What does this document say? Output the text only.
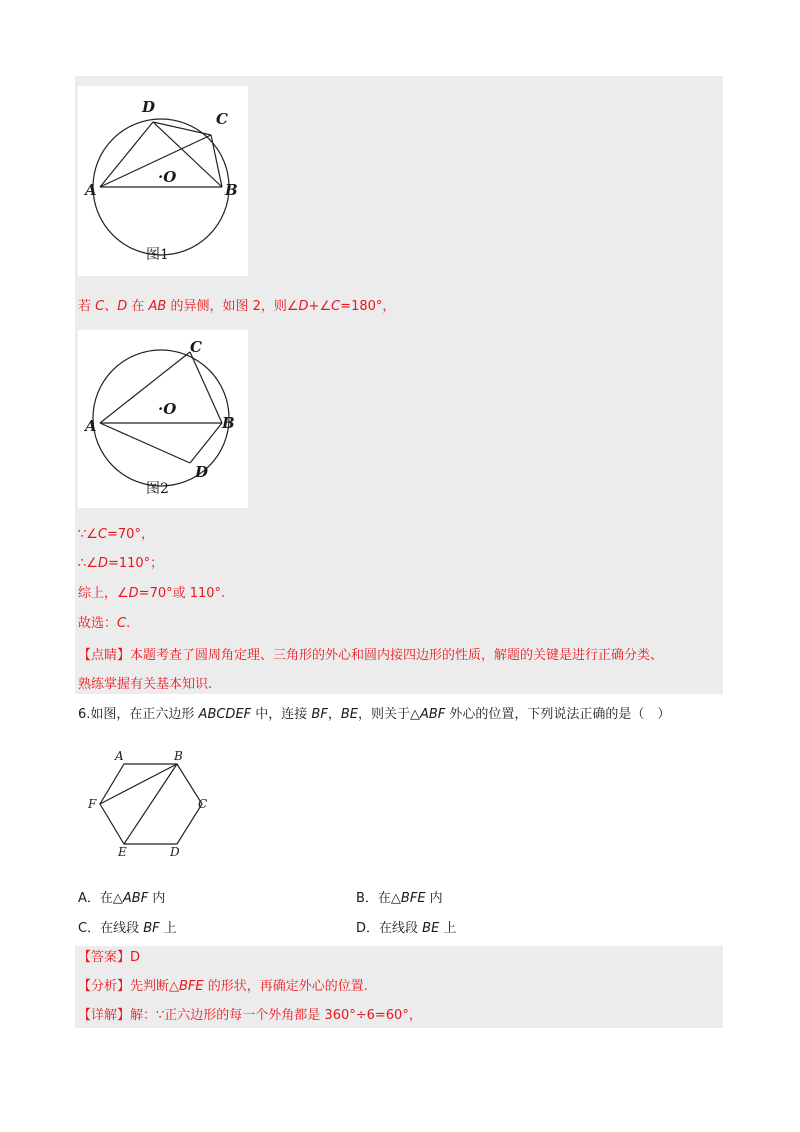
D
C
A	B
·O
图1
若 C、D 在 AB 的异侧，如图 2，则∠D+∠C=180°，
C
A	B
D
·O
图2
∵∠C=70°，
∴∠D=110°；
综上，∠D=70°或 110°.
故选：C.
【点睛】本题考查了圆周角定理、三角形的外心和圆内接四边形的性质，解题的关键是进行正确分类、
熟练掌握有关基本知识.
6.如图，在正六边形 ABCDEF 中，连接 BF，BE，则关于△ABF 外心的位置，下列说法正确的是（　）
A	B
C
D
E
F
A．在△ABF 内	B．在△BFE 内
C．在线段 BF 上	D．在线段 BE 上
【答案】D
【分析】先判断△BFE 的形状，再确定外心的位置.
【详解】解：∵正六边形的每一个外角都是 360°÷6=60°，
